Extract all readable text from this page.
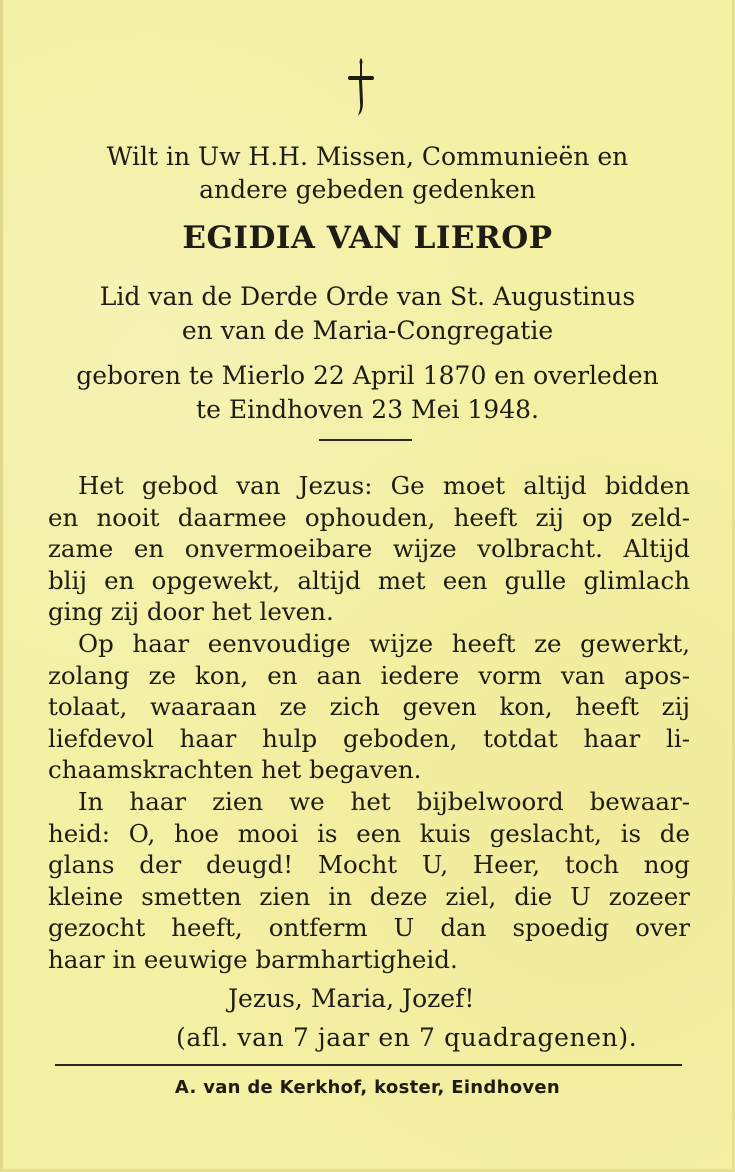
Wilt in Uw H.H. Missen, Communieën en
andere gebeden gedenken
EGIDIA VAN LIEROP
Lid van de Derde Orde van St. Augustinus
en van de Maria-Congregatie
geboren te Mierlo 22 April 1870 en overleden
te Eindhoven 23 Mei 1948.
Het gebod van Jezus: Ge moet altijd bidden
en nooit daarmee ophouden, heeft zij op zeld-
zame en onvermoeibare wijze volbracht. Altijd
blij en opgewekt, altijd met een gulle glimlach
ging zij door het leven.
Op haar eenvoudige wijze heeft ze gewerkt,
zolang ze kon, en aan iedere vorm van apos-
tolaat, waaraan ze zich geven kon, heeft zij
liefdevol haar hulp geboden, totdat haar li-
chaamskrachten het begaven.
In haar zien we het bijbelwoord bewaar-
heid: O, hoe mooi is een kuis geslacht, is de
glans der deugd! Mocht U, Heer, toch nog
kleine smetten zien in deze ziel, die U zozeer
gezocht heeft, ontferm U dan spoedig over
haar in eeuwige barmhartigheid.
Jezus, Maria, Jozef!
(afl. van 7 jaar en 7 quadragenen).
A. van de Kerkhof, koster, Eindhoven
